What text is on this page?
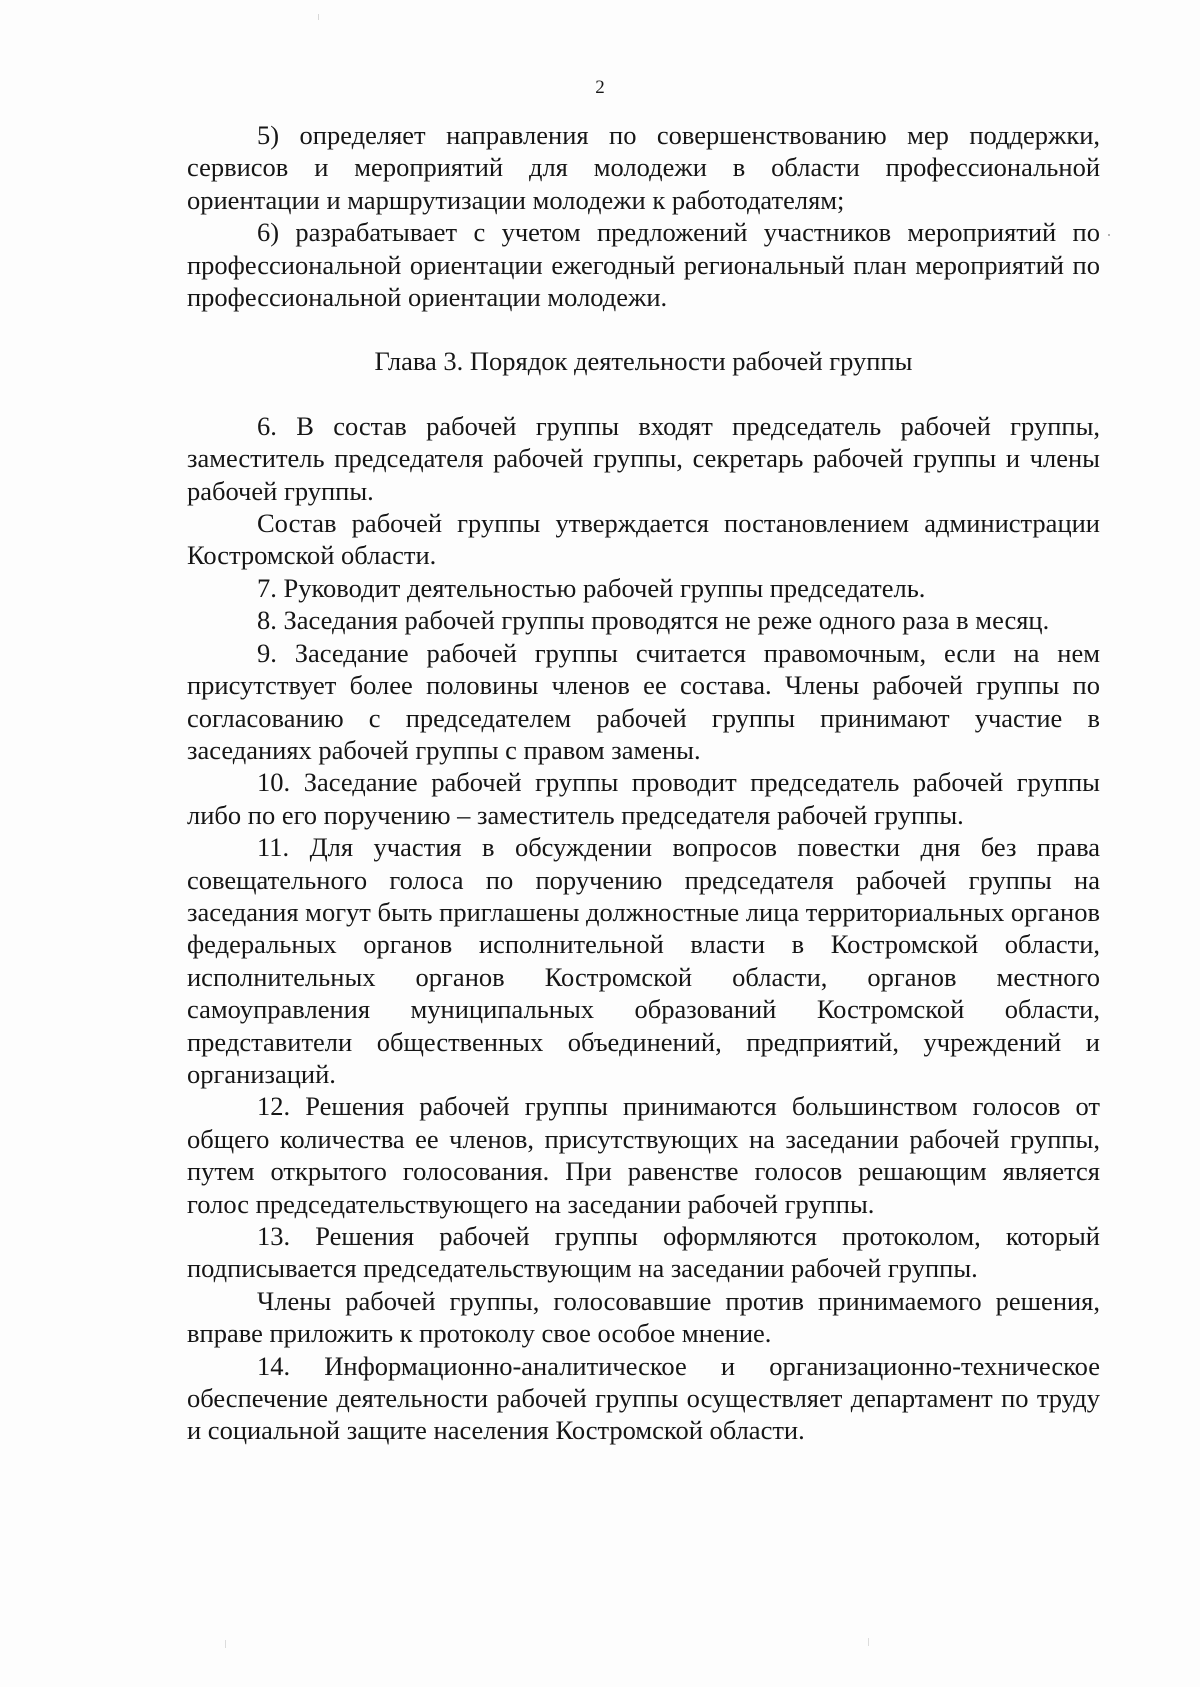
2

5) определяет направления по совершенствованию мер поддержки, сервисов и мероприятий для молодежи в области профессиональной ориентации и маршрутизации молодежи к работодателям;

6) разрабатывает с учетом предложений участников мероприятий по профессиональной ориентации ежегодный региональный план мероприятий по профессиональной ориентации молодежи.

Глава 3. Порядок деятельности рабочей группы

6. В состав рабочей группы входят председатель рабочей группы, заместитель председателя рабочей группы, секретарь рабочей группы и члены рабочей группы.

Состав рабочей группы утверждается постановлением администрации Костромской области.

7. Руководит деятельностью рабочей группы председатель.

8. Заседания рабочей группы проводятся не реже одного раза в месяц.

9. Заседание рабочей группы считается правомочным, если на нем присутствует более половины членов ее состава. Члены рабочей группы по согласованию с председателем рабочей группы принимают участие в заседаниях рабочей группы с правом замены.

10. Заседание рабочей группы проводит председатель рабочей группы либо по его поручению – заместитель председателя рабочей группы.

11. Для участия в обсуждении вопросов повестки дня без права совещательного голоса по поручению председателя рабочей группы на заседания могут быть приглашены должностные лица территориальных органов федеральных органов исполнительной власти в Костромской области, исполнительных органов Костромской области, органов местного самоуправления муниципальных образований Костромской области, представители общественных объединений, предприятий, учреждений и организаций.

12. Решения рабочей группы принимаются большинством голосов от общего количества ее членов, присутствующих на заседании рабочей группы, путем открытого голосования. При равенстве голосов решающим является голос председательствующего на заседании рабочей группы.

13. Решения рабочей группы оформляются протоколом, который подписывается председательствующим на заседании рабочей группы.

Члены рабочей группы, голосовавшие против принимаемого решения, вправе приложить к протоколу свое особое мнение.

14. Информационно-аналитическое и организационно-техническое обеспечение деятельности рабочей группы осуществляет департамент по труду и социальной защите населения Костромской области.
